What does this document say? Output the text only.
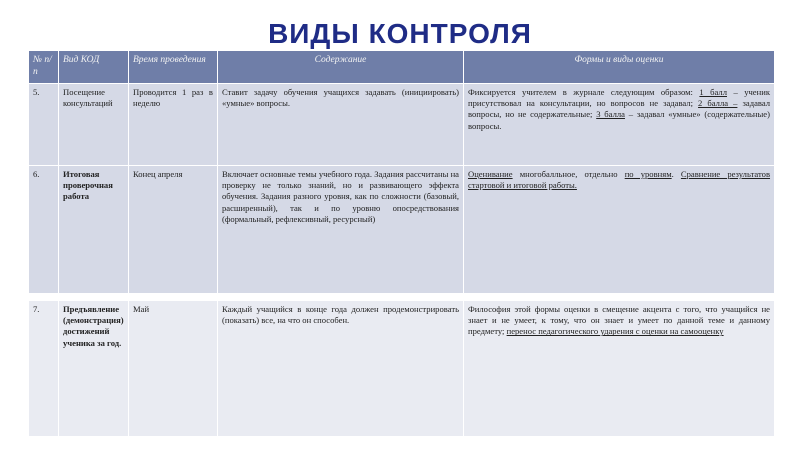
ВИДЫ КОНТРОЛЯ
№ п/п	Вид КОД	Время проведения	Содержание	Формы и виды оценки
5.	Посещение консультаций	Проводится 1 раз в неделю	Ставит задачу обучения учащихся задавать (инициировать) «умные» вопросы.	Фиксируется учителем в журнале следующим образом: 1 балл – ученик присутствовал на консультации, но вопросов не задавал; 2 балла – задавал вопросы, но не содержательные; 3 балла – задавал «умные» (содержательные) вопросы.
6.	Итоговая проверочная работа	Конец апреля	Включает основные темы учебного года. Задания рассчитаны на проверку не только знаний, но и развивающего эффекта обучения. Задания разного уровня, как по сложности (базовый, расширенный), так и по уровню опосредствования (формальный, рефлексивный, ресурсный)	Оценивание многобалльное, отдельно по уровням. Сравнение результатов стартовой и итоговой работы.
7.	Предъявление (демонстрация) достижений ученика за год.	Май	Каждый учащийся в конце года должен продемонстрировать (показать) все, на что он способен.	Философия этой формы оценки в смещение акцента с того, что учащийся не знает и не умеет, к тому, что он знает и умеет по данной теме и данному предмету; перенос педагогического ударения с оценки на самооценку
